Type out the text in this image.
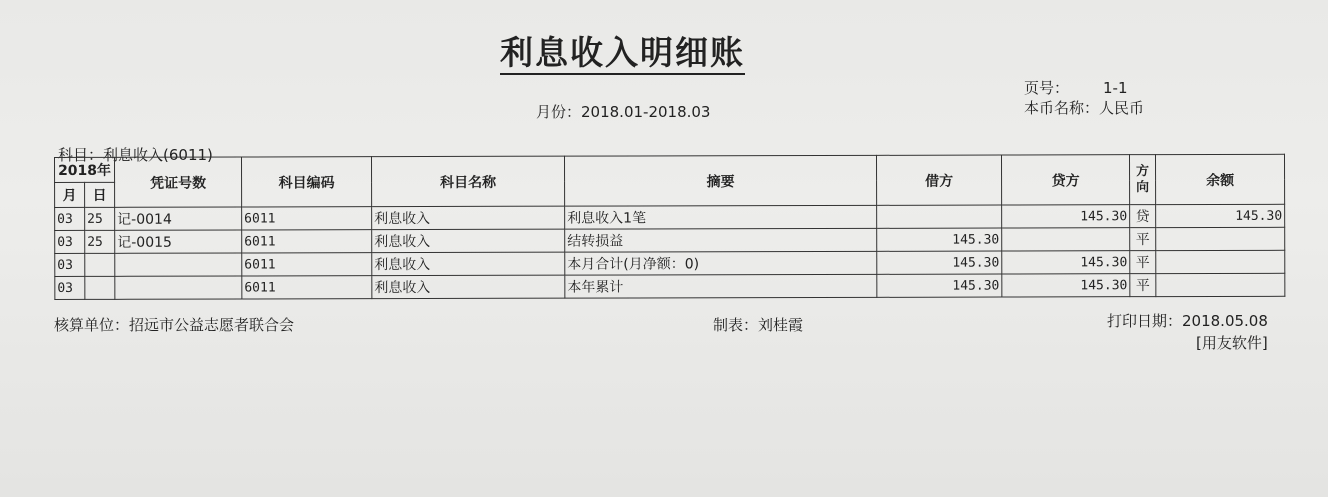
利息收入明细账
月份：2018.01-2018.03
页号： 1-1
本币名称：人民币
科目：利息收入(6011)
2018年		凭证号数	科目编码	科目名称	摘要	借方	贷方	方向	余额
月	日								
03	25	记-0014	6011	利息收入	利息收入1笔		145.30	贷	145.30
03	25	记-0015	6011	利息收入	结转损益	145.30		平	
03			6011	利息收入	本月合计(月净额：0)	145.30	145.30	平	
03			6011	利息收入	本年累计	145.30	145.30	平	
核算单位：招远市公益志愿者联合会	制表：刘桂霞	打印日期：2018.05.08
[用友软件]
